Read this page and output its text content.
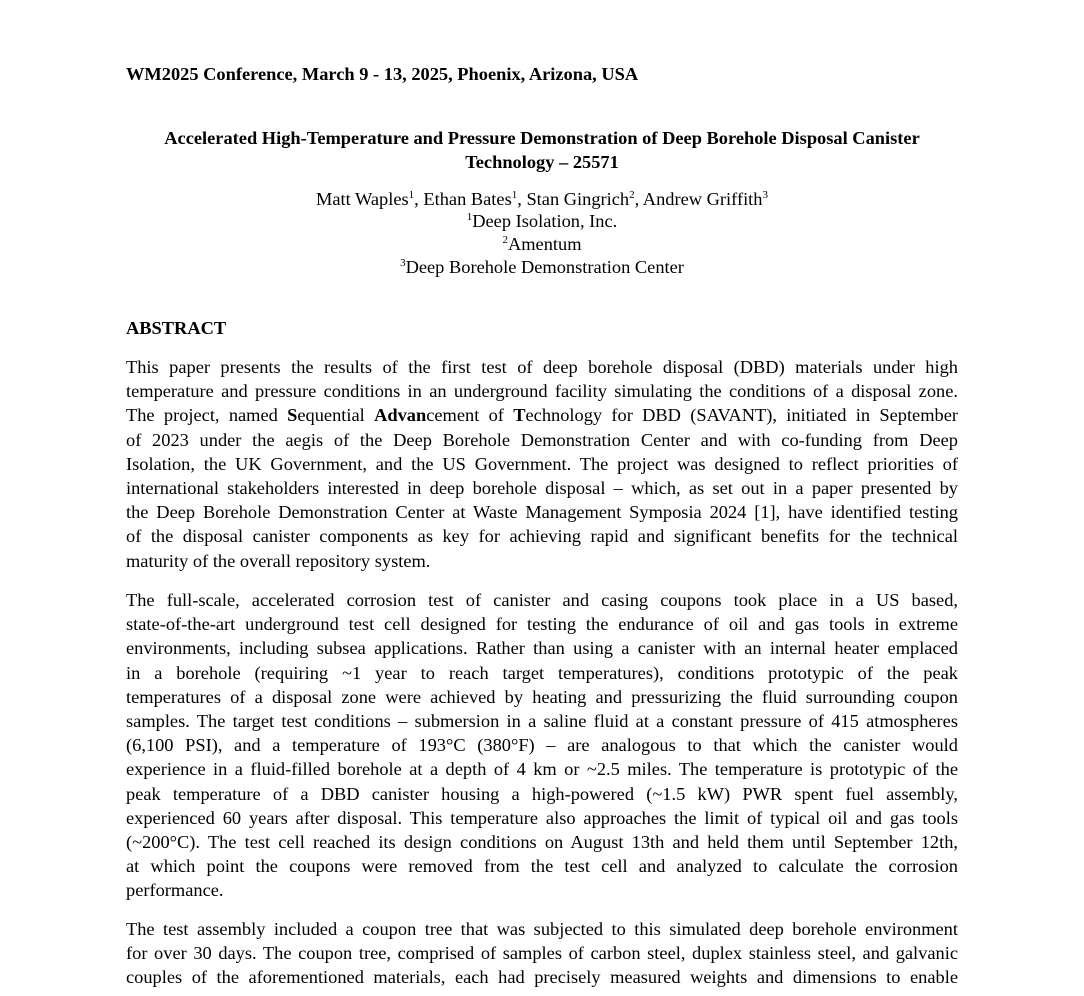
WM2025 Conference, March 9 - 13, 2025, Phoenix, Arizona, USA
Accelerated High-Temperature and Pressure Demonstration of Deep Borehole Disposal Canister
Technology – 25571
Matt Waples$^1$, Ethan Bates$^1$, Stan Gingrich$^2$, Andrew Griffith$^3$
$^1$Deep Isolation, Inc.
$^2$Amentum
$^3$Deep Borehole Demonstration Center
ABSTRACT
This paper presents the results of the first test of deep borehole disposal (DBD) materials under high
temperature and pressure conditions in an underground facility simulating the conditions of a disposal zone.
The project, named Sequential Advancement of Technology for DBD (SAVANT), initiated in September
of 2023 under the aegis of the Deep Borehole Demonstration Center and with co-funding from Deep
Isolation, the UK Government, and the US Government. The project was designed to reflect priorities of
international stakeholders interested in deep borehole disposal – which, as set out in a paper presented by
the Deep Borehole Demonstration Center at Waste Management Symposia 2024 [1], have identified testing
of the disposal canister components as key for achieving rapid and significant benefits for the technical
maturity of the overall repository system.
The full-scale, accelerated corrosion test of canister and casing coupons took place in a US based,
state-of-the-art underground test cell designed for testing the endurance of oil and gas tools in extreme
environments, including subsea applications. Rather than using a canister with an internal heater emplaced
in a borehole (requiring ~1 year to reach target temperatures), conditions prototypic of the peak
temperatures of a disposal zone were achieved by heating and pressurizing the fluid surrounding coupon
samples. The target test conditions – submersion in a saline fluid at a constant pressure of 415 atmospheres
(6,100 PSI), and a temperature of 193°C (380°F) – are analogous to that which the canister would
experience in a fluid-filled borehole at a depth of 4 km or ~2.5 miles. The temperature is prototypic of the
peak temperature of a DBD canister housing a high-powered (~1.5 kW) PWR spent fuel assembly,
experienced 60 years after disposal. This temperature also approaches the limit of typical oil and gas tools
(~200°C). The test cell reached its design conditions on August 13th and held them until September 12th,
at which point the coupons were removed from the test cell and analyzed to calculate the corrosion
performance.
The test assembly included a coupon tree that was subjected to this simulated deep borehole environment
for over 30 days. The coupon tree, comprised of samples of carbon steel, duplex stainless steel, and galvanic
couples of the aforementioned materials, each had precisely measured weights and dimensions to enable
